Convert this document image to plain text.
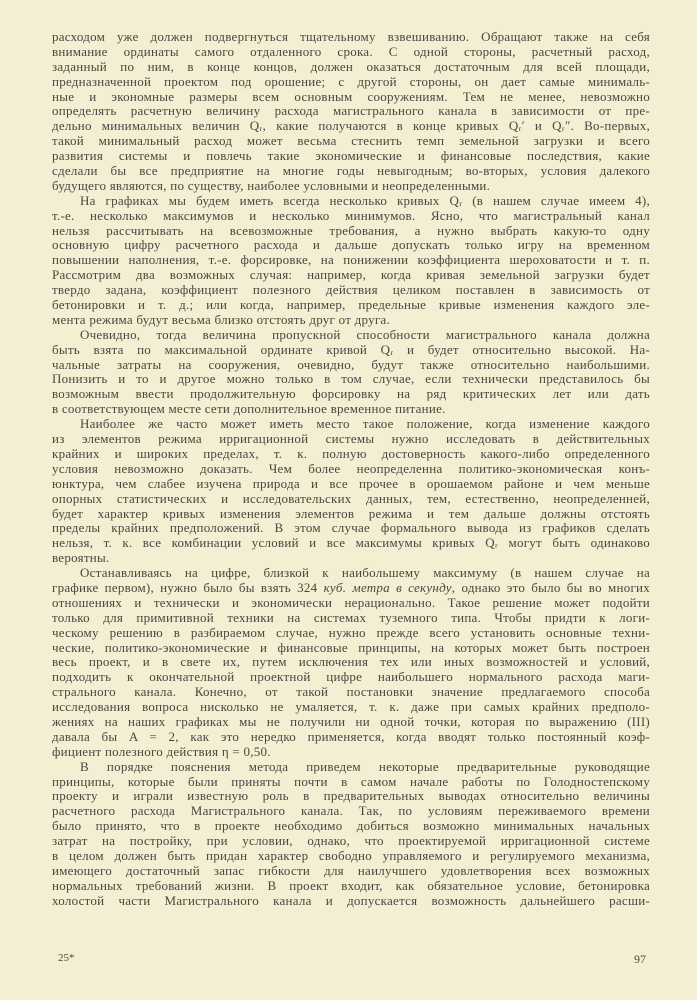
расходом уже должен подвергнуться тщательному взвешиванию. Обращают также на себя
внимание ординаты самого отдаленного срока. С одной стороны, расчетный расход,
заданный по ним, в конце концов, должен оказаться достаточным для всей площади,
предназначенной проектом под орошение; с другой стороны, он дает самые минималь-
ные и экономные размеры всем основным сооружениям. Тем не менее, невозможно
определять расчетную величину расхода магистрального канала в зависимости от пре-
дельно минимальных величин Qᵣ, какие получаются в конце кривых Qᵣ′ и Qᵣ″. Во-первых,
такой минимальный расход может весьма стеснить темп земельной загрузки и всего
развития системы и повлечь такие экономические и финансовые последствия, какие
сделали бы все предприятие на многие годы невыгодным; во-вторых, условия далекого
будущего являются, по существу, наиболее условными и неопределенными.
На графиках мы будем иметь всегда несколько кривых Qᵣ (в нашем случае имеем 4),
т.-е. несколько максимумов и несколько минимумов. Ясно, что магистральный канал
нельзя рассчитывать на всевозможные требования, а нужно выбрать какую-то одну
основную цифру расчетного расхода и дальше допускать только игру на временном
повышении наполнения, т.-е. форсировке, на понижении коэффициента шероховатости и т. п.
Рассмотрим два возможных случая: например, когда кривая земельной загрузки будет
твердо задана, коэффициент полезного действия целиком поставлен в зависимость от
бетонировки и т. д.; или когда, например, предельные кривые изменения каждого эле-
мента режима будут весьма близко отстоять друг от друга.
Очевидно, тогда величина пропускной способности магистрального канала должна
быть взята по максимальной ординате кривой Qᵣ и будет относительно высокой. На-
чальные затраты на сооружения, очевидно, будут также относительно наибольшими.
Понизить и то и другое можно только в том случае, если технически представилось бы
возможным ввести продолжительную форсировку на ряд критических лет или дать
в соответствующем месте сети дополнительное временное питание.
Наиболее же часто может иметь место такое положение, когда изменение каждого
из элементов режима ирригационной системы нужно исследовать в действительных
крайних и широких пределах, т. к. полную достоверность какого-либо определенного
условия невозможно доказать. Чем более неопределенна политико-экономическая конъ-
юнктура, чем слабее изучена природа и все прочее в орошаемом районе и чем меньше
опорных статистических и исследовательских данных, тем, естественно, неопределенней,
будет характер кривых изменения элементов режима и тем дальше должны отстоять
пределы крайних предположений. В этом случае формального вывода из графиков сделать
нельзя, т. к. все комбинации условий и все максимумы кривых Qᵣ могут быть одинаково
вероятны.
Останавливаясь на цифре, близкой к наибольшему максимуму (в нашем случае на
графике первом), нужно было бы взять 324 куб. метра в секунду, однако это было бы во многих
отношениях и технически и экономически нерационально. Такое решение может подойти
только для примитивной техники на системах туземного типа. Чтобы придти к логи-
ческому решению в разбираемом случае, нужно прежде всего установить основные техни-
ческие, политико-экономические и финансовые принципы, на которых может быть построен
весь проект, и в свете их, путем исключения тех или иных возможностей и условий,
подходить к окончательной проектной цифре наибольшего нормального расхода маги-
стрального канала. Конечно, от такой постановки значение предлагаемого способа
исследования вопроса нисколько не умаляется, т. к. даже при самых крайних предполо-
жениях на наших графиках мы не получили ни одной точки, которая по выражению (III)
давала бы A = 2, как это нередко применяется, когда вводят только постоянный коэф-
фициент полезного действия η = 0,50.
В порядке пояснения метода приведем некоторые предварительные руководящие
принципы, которые были приняты почти в самом начале работы по Голодностепскому
проекту и играли известную роль в предварительных выводах относительно величины
расчетного расхода Магистрального канала. Так, по условиям переживаемого времени
было принято, что в проекте необходимо добиться возможно минимальных начальных
затрат на постройку, при условии, однако, что проектируемой ирригационной системе
в целом должен быть придан характер свободно управляемого и регулируемого механизма,
имеющего достаточный запас гибкости для наилучшего удовлетворения всех возможных
нормальных требований жизни. В проект входит, как обязательное условие, бетонировка
холостой части Магистрального канала и допускается возможность дальнейшего расши-
25*	97
